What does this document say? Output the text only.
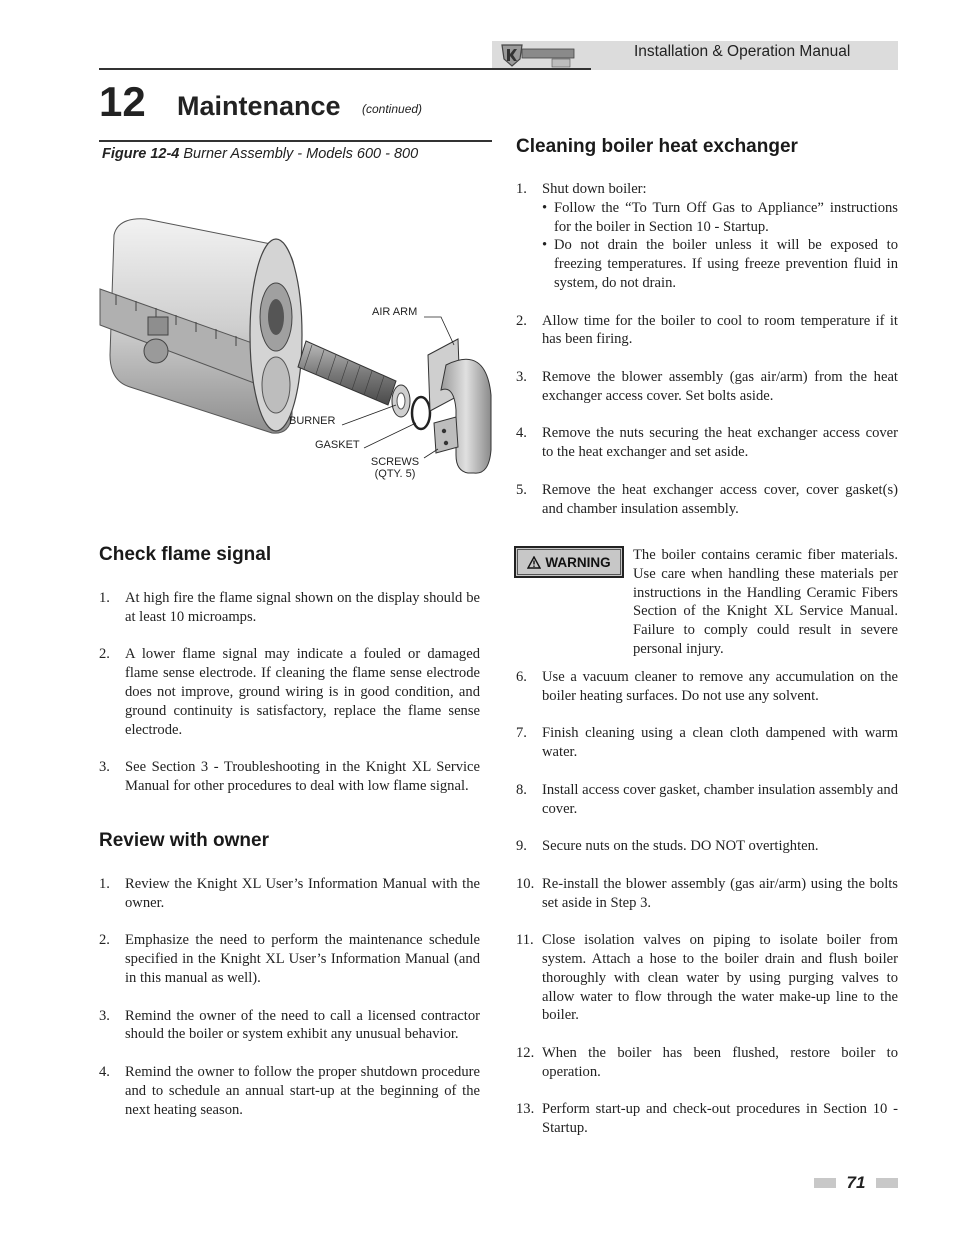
Installation & Operation Manual
12 Maintenance (continued)
Figure 12-4 Burner Assembly - Models 600 - 800
AIR ARM
BURNER
GASKET
SCREWS
(QTY. 5)
Check flame signal
1. At high fire the flame signal shown on the display should be at least 10 microamps.
2. A lower flame signal may indicate a fouled or damaged flame sense electrode. If cleaning the flame sense electrode does not improve, ground wiring is in good condition, and ground continuity is satisfactory, replace the flame sense electrode.
3. See Section 3 - Troubleshooting in the Knight XL Service Manual for other procedures to deal with low flame signal.
Review with owner
1. Review the Knight XL User’s Information Manual with the owner.
2. Emphasize the need to perform the maintenance schedule specified in the Knight XL User’s Information Manual (and in this manual as well).
3. Remind the owner of the need to call a licensed contractor should the boiler or system exhibit any unusual behavior.
4. Remind the owner to follow the proper shutdown procedure and to schedule an annual start-up at the beginning of the next heating season.
Cleaning boiler heat exchanger
1. Shut down boiler:
• Follow the “To Turn Off Gas to Appliance” instructions for the boiler in Section 10 - Startup.
• Do not drain the boiler unless it will be exposed to freezing temperatures. If using freeze prevention fluid in system, do not drain.
2. Allow time for the boiler to cool to room temperature if it has been firing.
3. Remove the blower assembly (gas air/arm) from the heat exchanger access cover. Set bolts aside.
4. Remove the nuts securing the heat exchanger access cover to the heat exchanger and set aside.
5. Remove the heat exchanger access cover, cover gasket(s) and chamber insulation assembly.
WARNING The boiler contains ceramic fiber materials. Use care when handling these materials per instructions in the Handling Ceramic Fibers Section of the Knight XL Service Manual. Failure to comply could result in severe personal injury.

6. Use a vacuum cleaner to remove any accumulation on the boiler heating surfaces. Do not use any solvent.
7. Finish cleaning using a clean cloth dampened with warm water.
8. Install access cover gasket, chamber insulation assembly and cover.
9. Secure nuts on the studs. DO NOT overtighten.
10. Re-install the blower assembly (gas air/arm) using the bolts set aside in Step 3.
11. Close isolation valves on piping to isolate boiler from system. Attach a hose to the boiler drain and flush boiler thoroughly with clean water by using purging valves to allow water to flow through the water make-up line to the boiler.
12. When the boiler has been flushed, restore boiler to operation.
13. Perform start-up and check-out procedures in Section 10 - Startup.
71
